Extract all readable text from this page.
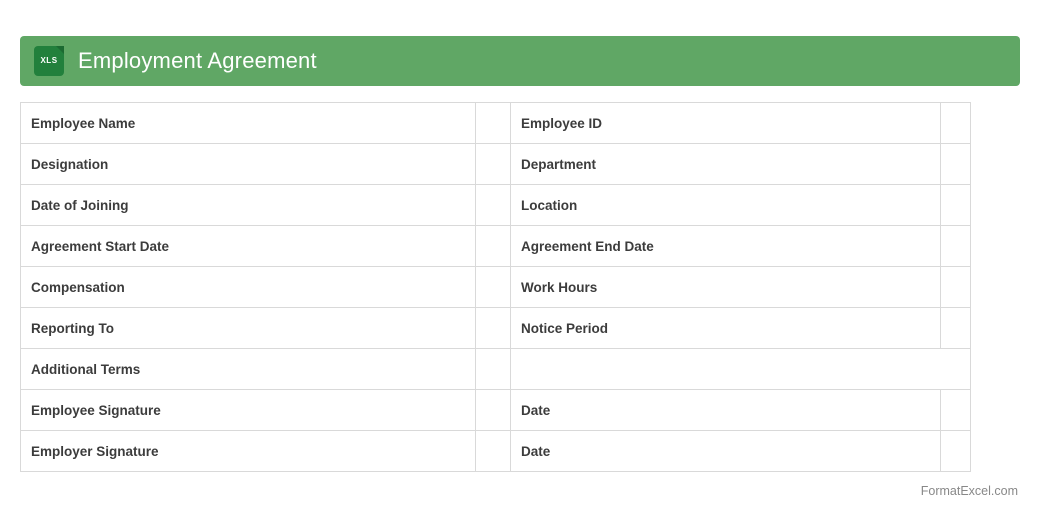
XLS Employment Agreement
Employee Name		Employee ID	
Designation		Department	
Date of Joining		Location	
Agreement Start Date		Agreement End Date	
Compensation		Work Hours	
Reporting To		Notice Period	
Additional Terms			
Employee Signature		Date	
Employer Signature		Date	
FormatExcel.com
